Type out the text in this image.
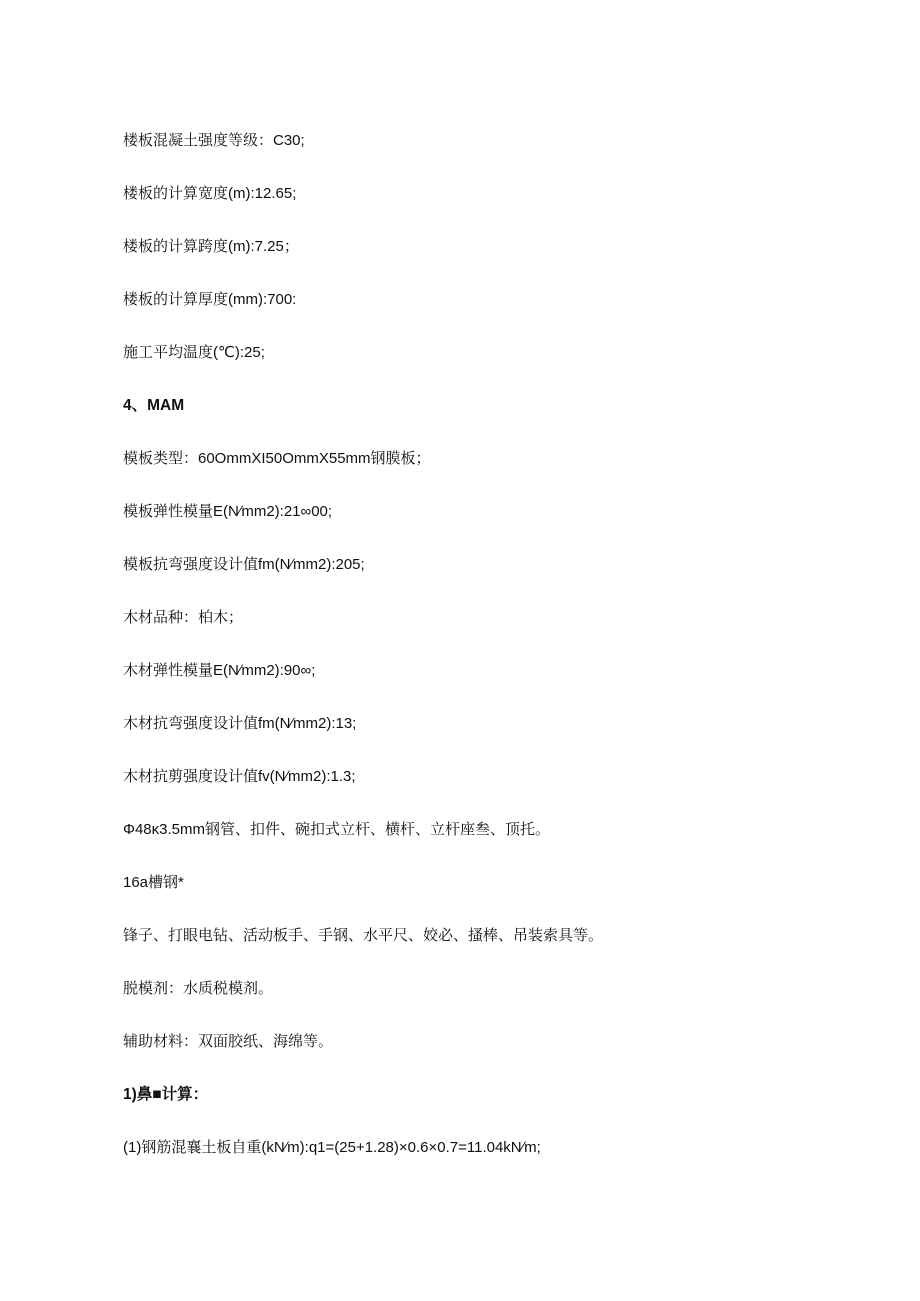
楼板混凝土强度等级：C30;
楼板的计算宽度(m):12.65;
楼板的计算跨度(m):7.25；
楼板的计算厚度(mm):700:
施工平均温度(℃):25;
4、MAM
模板类型：60OmmXI50OmmX55mm钢膜板；
模板弹性模量E(N∕mm2):21∞00;
模板抗弯强度设计值fm(N∕mm2):205;
木材品种：柏木；
木材弹性模量E(N∕mm2):90∞;
木材抗弯强度设计值fm(N∕mm2):13;
木材抗剪强度设计值fv(N∕mm2):1.3;
Φ48κ3.5mm钢管、扣件、碗扣式立杆、横杆、立杆座叁、顶托。
16a槽钢*
锋子、打眼电钻、活动板手、手钢、水平尺、姣必、搔棒、吊装索具等。
脱模剂：水质税模剂。
辅助材料：双面胶纸、海绵等。
1)鼻■计算：
(1)钢筋混襄土板自重(kN∕m):q1=(25+1.28)×0.6×0.7=11.04kN∕m;
